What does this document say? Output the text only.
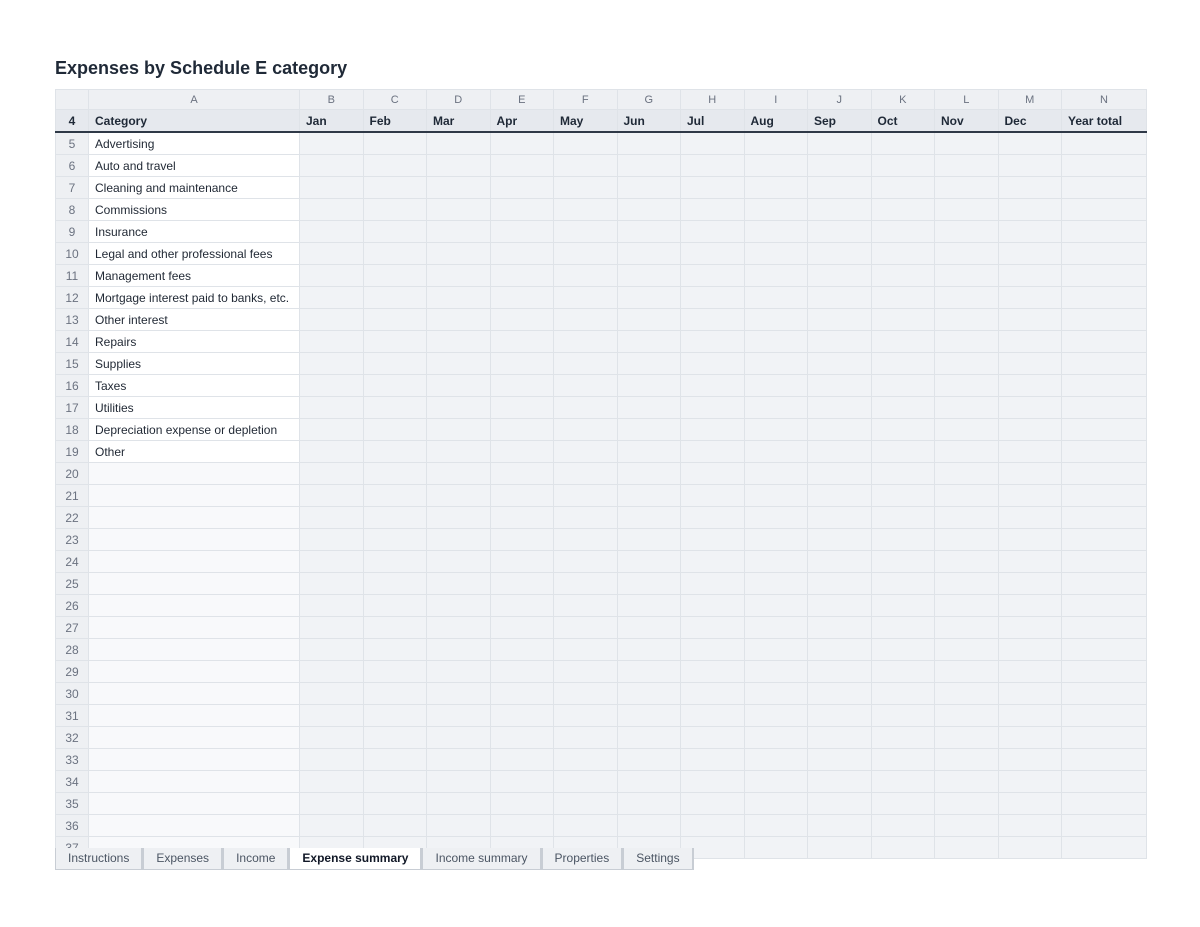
Expenses by Schedule E category
	A	B	C	D	E	F	G	H	I	J	K	L	M	N
4	Category	Jan	Feb	Mar	Apr	May	Jun	Jul	Aug	Sep	Oct	Nov	Dec	Year total
5	Advertising													
6	Auto and travel													
7	Cleaning and maintenance													
8	Commissions													
9	Insurance													
10	Legal and other professional fees													
11	Management fees													
12	Mortgage interest paid to banks, etc.													
13	Other interest													
14	Repairs													
15	Supplies													
16	Taxes													
17	Utilities													
18	Depreciation expense or depletion													
19	Other													
20														
21														
22														
23														
24														
25														
26														
27														
28														
29														
30														
31														
32														
33														
34														
35														
36														

Instructions	Expenses	Income	Expense summary	Income summary	Properties	Settings
